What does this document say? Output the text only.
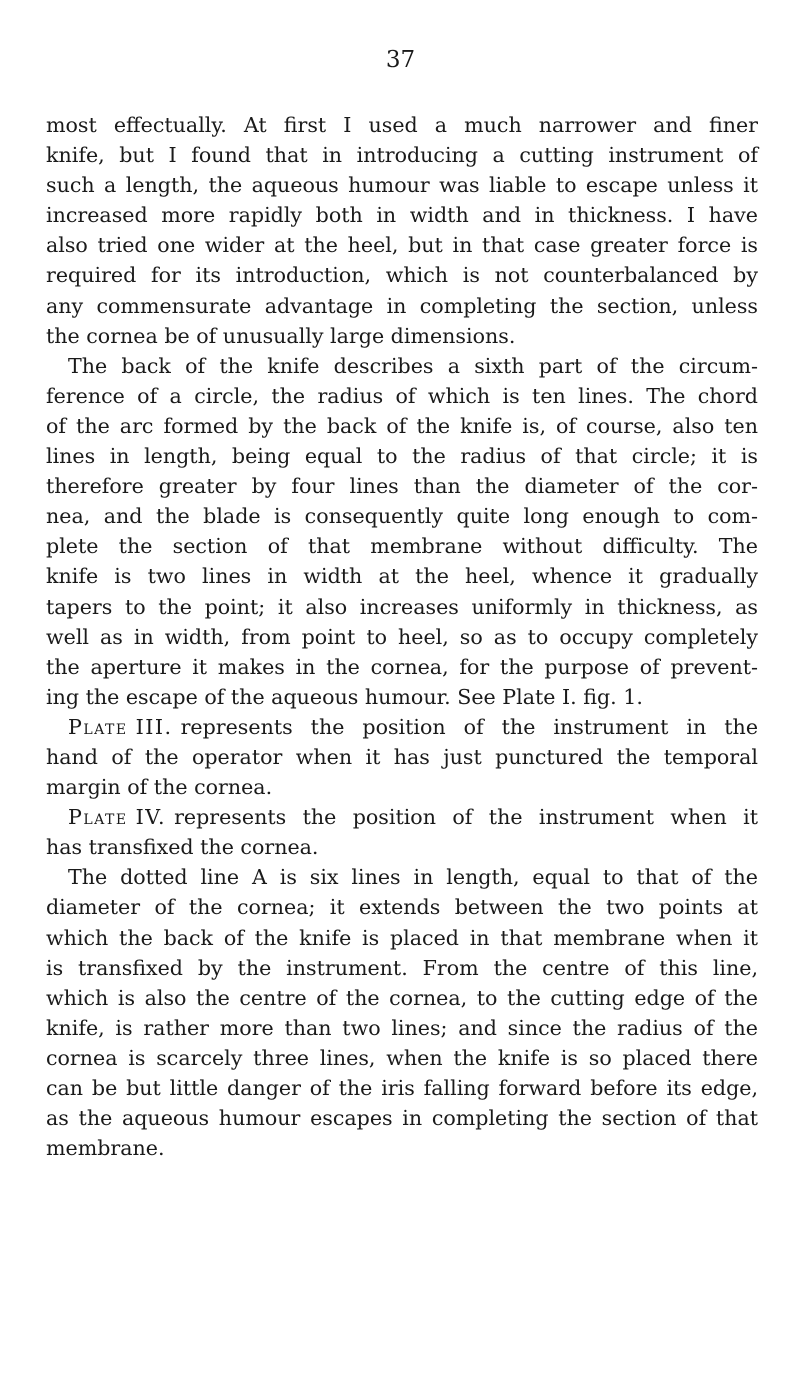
37
most effectually. At first I used a much narrower and finer
knife, but I found that in introducing a cutting instrument of
such a length, the aqueous humour was liable to escape unless it
increased more rapidly both in width and in thickness. I have
also tried one wider at the heel, but in that case greater force is
required for its introduction, which is not counterbalanced by
any commensurate advantage in completing the section, unless
the cornea be of unusually large dimensions.
The back of the knife describes a sixth part of the circum-
ference of a circle, the radius of which is ten lines. The chord
of the arc formed by the back of the knife is, of course, also ten
lines in length, being equal to the radius of that circle; it is
therefore greater by four lines than the diameter of the cor-
nea, and the blade is consequently quite long enough to com-
plete the section of that membrane without difficulty. The
knife is two lines in width at the heel, whence it gradually
tapers to the point; it also increases uniformly in thickness, as
well as in width, from point to heel, so as to occupy completely
the aperture it makes in the cornea, for the purpose of prevent-
ing the escape of the aqueous humour. See Plate I. fig. 1.
Plate III. represents the position of the instrument in the
hand of the operator when it has just punctured the temporal
margin of the cornea.
Plate IV. represents the position of the instrument when it
has transfixed the cornea.
The dotted line A is six lines in length, equal to that of the
diameter of the cornea; it extends between the two points at
which the back of the knife is placed in that membrane when it
is transfixed by the instrument. From the centre of this line,
which is also the centre of the cornea, to the cutting edge of the
knife, is rather more than two lines; and since the radius of the
cornea is scarcely three lines, when the knife is so placed there
can be but little danger of the iris falling forward before its edge,
as the aqueous humour escapes in completing the section of that
membrane.
